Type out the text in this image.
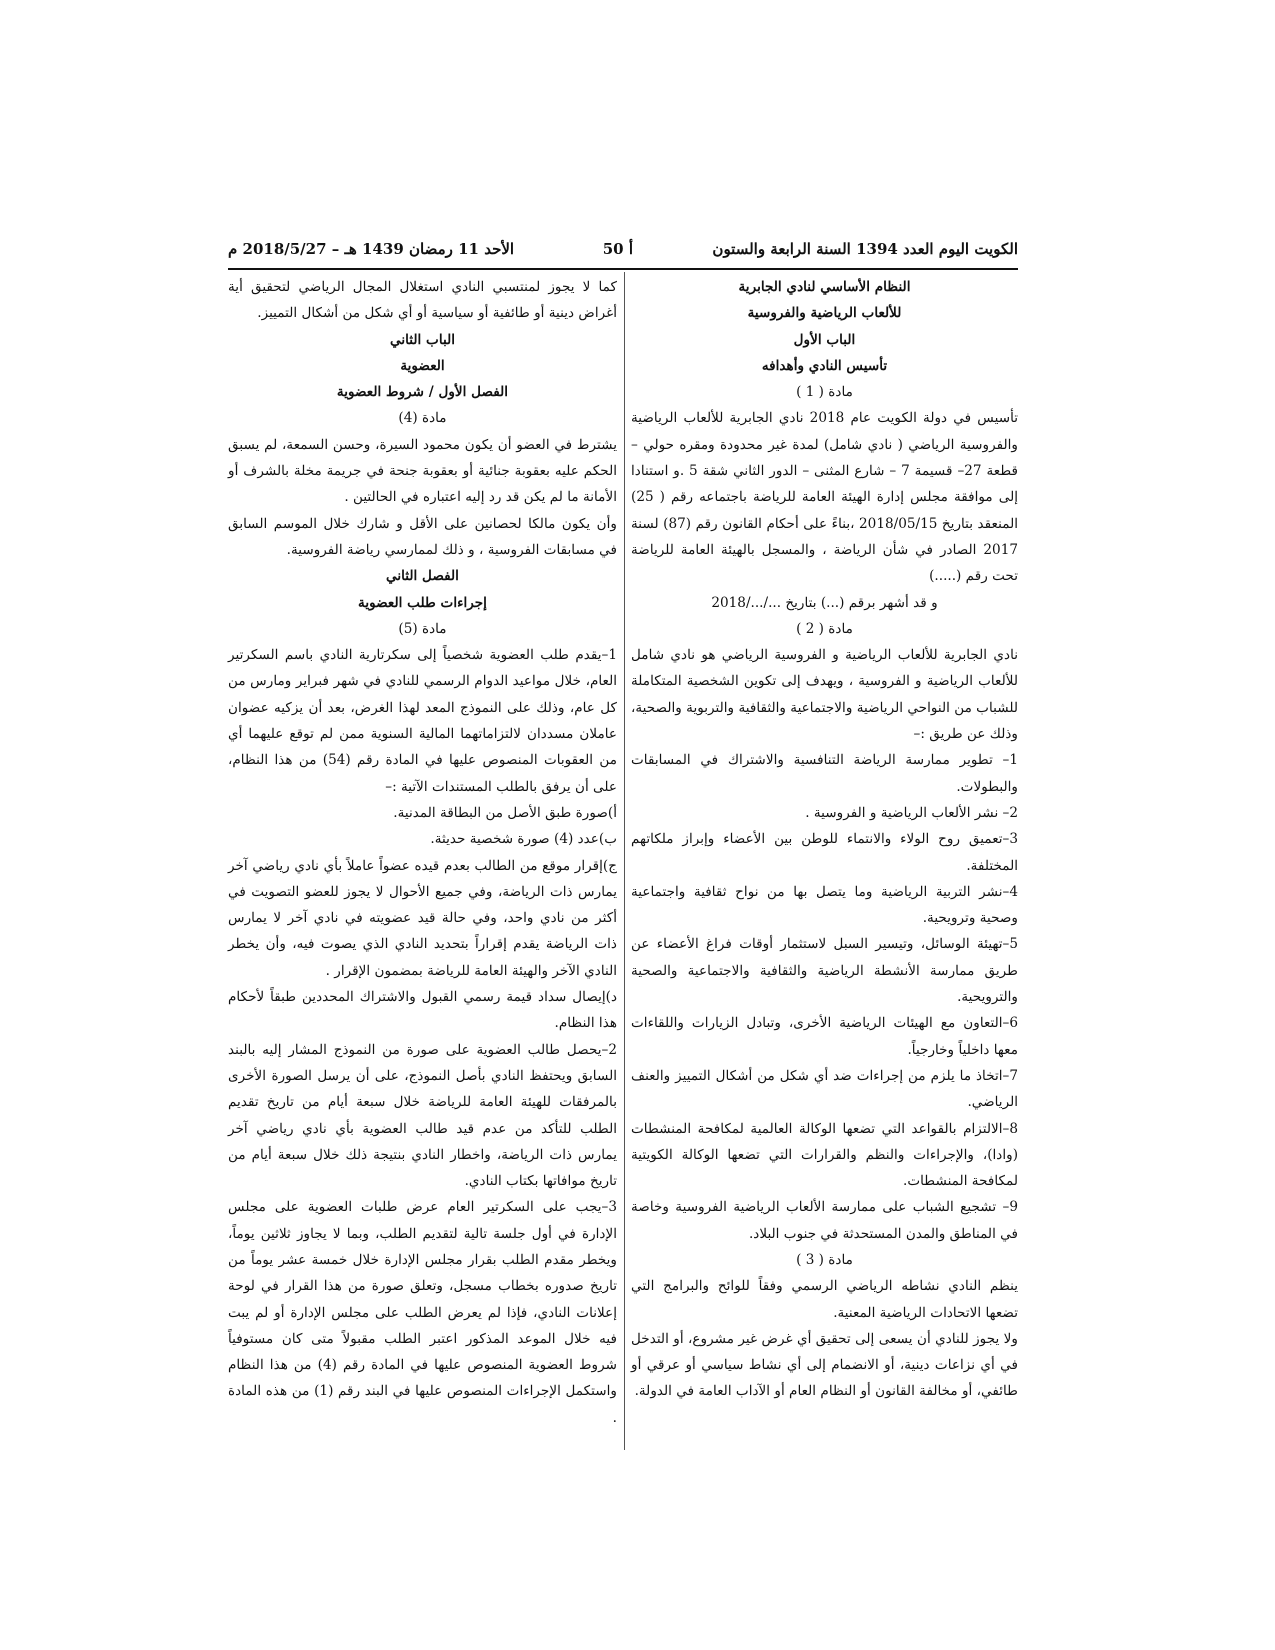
الكويت اليوم العدد 1394 السنة الرابعة والستون
أ 50
الأحد 11 رمضان 1439 هـ – 2018/5/27 م

النظام الأساسي لنادي الجابرية

للألعاب الرياضية والفروسية

الباب الأول

تأسيس النادي وأهدافه

مادة ( 1 )

تأسيس في دولة الكويت عام 2018 نادي الجابرية للألعاب الرياضية والفروسية الرياضي ( نادي شامل) لمدة غير محدودة ومقره حولي – قطعة 27– قسيمة 7 – شارع المثنى – الدور الثاني شقة 5 .و استنادا إلى موافقة مجلس إدارة الهيئة العامة للرياضة باجتماعه رقم ( 25) المنعقد بتاريخ 2018/05/15 ،بناءً على أحكام القانون رقم (87) لسنة 2017 الصادر في شأن الرياضة ، والمسجل بالهيئة العامة للرياضة تحت رقم (.....)

و قد أشهر برقم (...) بتاريخ .../.../2018

مادة ( 2 )

نادي الجابرية للألعاب الرياضية و الفروسية الرياضي هو نادي شامل للألعاب الرياضية و الفروسية ، ويهدف إلى تكوين الشخصية المتكاملة للشباب من النواحي الرياضية والاجتماعية والثقافية والتربوية والصحية، وذلك عن طريق :–

1– تطوير ممارسة الرياضة التنافسية والاشتراك في المسابقات والبطولات.

2– نشر الألعاب الرياضية و الفروسية .

3–تعميق روح الولاء والانتماء للوطن بين الأعضاء وإبراز ملكاتهم المختلفة.

4–نشر التربية الرياضية وما يتصل بها من نواح ثقافية واجتماعية وصحية وترويحية.

5–تهيئة الوسائل، وتيسير السبل لاستثمار أوقات فراغ الأعضاء عن طريق ممارسة الأنشطة الرياضية والثقافية والاجتماعية والصحية والترويحية.

6–التعاون مع الهيئات الرياضية الأخرى، وتبادل الزيارات واللقاءات معها داخلياً وخارجياً.

7–اتخاذ ما يلزم من إجراءات ضد أي شكل من أشكال التمييز والعنف الرياضي.

8–الالتزام بالقواعد التي تضعها الوكالة العالمية لمكافحة المنشطات (وادا)، والإجراءات والنظم والقرارات التي تضعها الوكالة الكويتية لمكافحة المنشطات.

9– تشجيع الشباب على ممارسة الألعاب الرياضية الفروسية وخاصة في المناطق والمدن المستحدثة في جنوب البلاد.

مادة ( 3 )

ينظم النادي نشاطه الرياضي الرسمي وفقاً للوائح والبرامج التي تضعها الاتحادات الرياضية المعنية.

ولا يجوز للنادي أن يسعى إلى تحقيق أي غرض غير مشروع، أو التدخل في أي نزاعات دينية، أو الانضمام إلى أي نشاط سياسي أو عرقي أو طائفي، أو مخالفة القانون أو النظام العام أو الآداب العامة في الدولة.

كما لا يجوز لمنتسبي النادي استغلال المجال الرياضي لتحقيق أية أغراض دينية أو طائفية أو سياسية أو أي شكل من أشكال التمييز.

الباب الثاني

العضوية

الفصل الأول / شروط العضوية

مادة (4)

يشترط في العضو أن يكون محمود السيرة، وحسن السمعة، لم يسبق الحكم عليه بعقوبة جنائية أو بعقوبة جنحة في جريمة مخلة بالشرف أو الأمانة ما لم يكن قد رد إليه اعتباره في الحالتين .

وأن يكون مالكا لحصانين على الأقل و شارك خلال الموسم السابق في مسابقات الفروسية ، و ذلك لممارسي رياضة الفروسية.

الفصل الثاني

إجراءات طلب العضوية

مادة (5)

1–يقدم طلب العضوية شخصياً إلى سكرتارية النادي باسم السكرتير العام، خلال مواعيد الدوام الرسمي للنادي في شهر فبراير ومارس من كل عام، وذلك على النموذج المعد لهذا الغرض، بعد أن يزكيه عضوان عاملان مسددان لالتزاماتهما المالية السنوية ممن لم توقع عليهما أي من العقوبات المنصوص عليها في المادة رقم (54) من هذا النظام، على أن يرفق بالطلب المستندات الآتية :–

أ)صورة طبق الأصل من البطاقة المدنية.

ب)عدد (4) صورة شخصية حديثة.

ج)إقرار موقع من الطالب بعدم قيده عضواً عاملاً بأي نادي رياضي آخر يمارس ذات الرياضة، وفي جميع الأحوال لا يجوز للعضو التصويت في أكثر من نادي واحد، وفي حالة قيد عضويته في نادي آخر لا يمارس ذات الرياضة يقدم إقراراً بتحديد النادي الذي يصوت فيه، وأن يخطر النادي الآخر والهيئة العامة للرياضة بمضمون الإقرار .

د)إيصال سداد قيمة رسمي القبول والاشتراك المحددين طبقاً لأحكام هذا النظام.

2–يحصل طالب العضوية على صورة من النموذج المشار إليه بالبند السابق ويحتفظ النادي بأصل النموذج، على أن يرسل الصورة الأخرى بالمرفقات للهيئة العامة للرياضة خلال سبعة أيام من تاريخ تقديم الطلب للتأكد من عدم قيد طالب العضوية بأي نادي رياضي آخر يمارس ذات الرياضة، واخطار النادي بنتيجة ذلك خلال سبعة أيام من تاريخ موافاتها بكتاب النادي.

3–يجب على السكرتير العام عرض طلبات العضوية على مجلس الإدارة في أول جلسة تالية لتقديم الطلب، وبما لا يجاوز ثلاثين يوماً، ويخطر مقدم الطلب بقرار مجلس الإدارة خلال خمسة عشر يوماً من تاريخ صدوره بخطاب مسجل، وتعلق صورة من هذا القرار في لوحة إعلانات النادي، فإذا لم يعرض الطلب على مجلس الإدارة أو لم يبت فيه خلال الموعد المذكور اعتبر الطلب مقبولاً متى كان مستوفياً شروط العضوية المنصوص عليها في المادة رقم (4) من هذا النظام واستكمل الإجراءات المنصوص عليها في البند رقم (1) من هذه المادة .
